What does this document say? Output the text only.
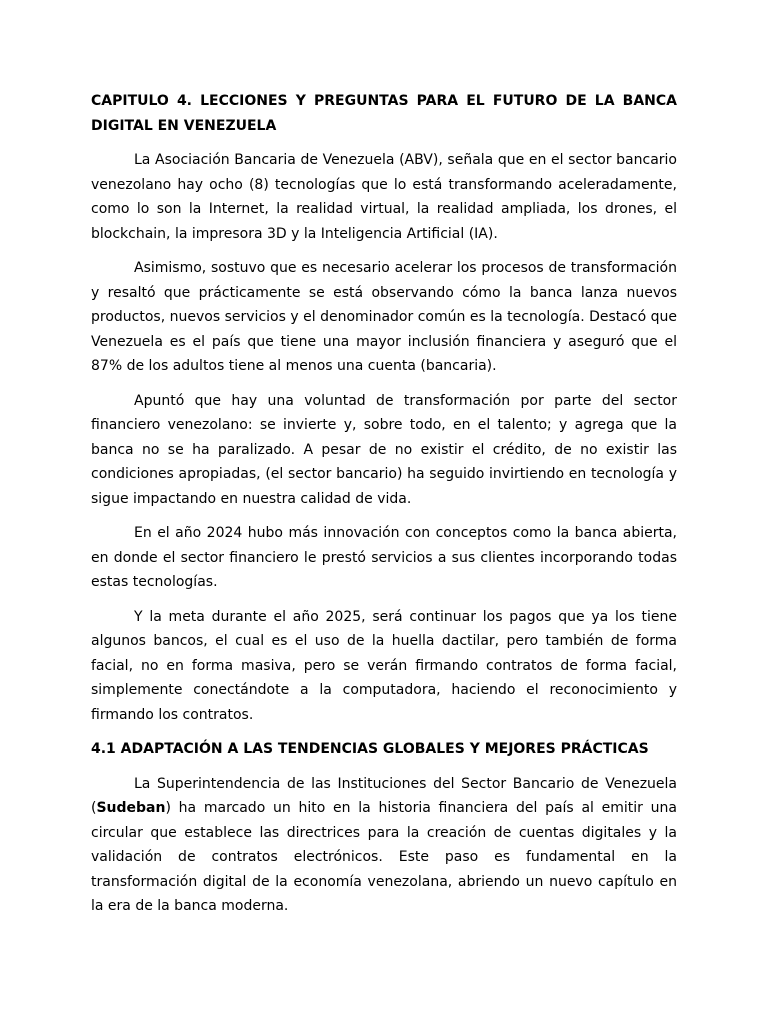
CAPITULO 4. LECCIONES Y PREGUNTAS PARA EL FUTURO DE LA BANCA DIGITAL EN VENEZUELA

La Asociación Bancaria de Venezuela (ABV), señala que en el sector bancario venezolano hay ocho (8) tecnologías que lo está transformando aceleradamente, como lo son la Internet, la realidad virtual, la realidad ampliada, los drones, el blockchain, la impresora 3D y la Inteligencia Artificial (IA).

Asimismo, sostuvo que es necesario acelerar los procesos de transformación y resaltó que prácticamente se está observando cómo la banca lanza nuevos productos, nuevos servicios y el denominador común es la tecnología. Destacó que Venezuela es el país que tiene una mayor inclusión financiera y aseguró que el 87% de los adultos tiene al menos una cuenta (bancaria).

Apuntó que hay una voluntad de transformación por parte del sector financiero venezolano: se invierte y, sobre todo, en el talento; y agrega que la banca no se ha paralizado. A pesar de no existir el crédito, de no existir las condiciones apropiadas, (el sector bancario) ha seguido invirtiendo en tecnología y sigue impactando en nuestra calidad de vida.

En el año 2024 hubo más innovación con conceptos como la banca abierta, en donde el sector financiero le prestó servicios a sus clientes incorporando todas estas tecnologías.

Y la meta durante el año 2025, será continuar los pagos que ya los tiene algunos bancos, el cual es el uso de la huella dactilar, pero también de forma facial, no en forma masiva, pero se verán firmando contratos de forma facial, simplemente conectándote a la computadora, haciendo el reconocimiento y firmando los contratos.

4.1 ADAPTACIÓN A LAS TENDENCIAS GLOBALES Y MEJORES PRÁCTICAS

La Superintendencia de las Instituciones del Sector Bancario de Venezuela (Sudeban) ha marcado un hito en la historia financiera del país al emitir una circular que establece las directrices para la creación de cuentas digitales y la validación de contratos electrónicos. Este paso es fundamental en la transformación digital de la economía venezolana, abriendo un nuevo capítulo en la era de la banca moderna.
